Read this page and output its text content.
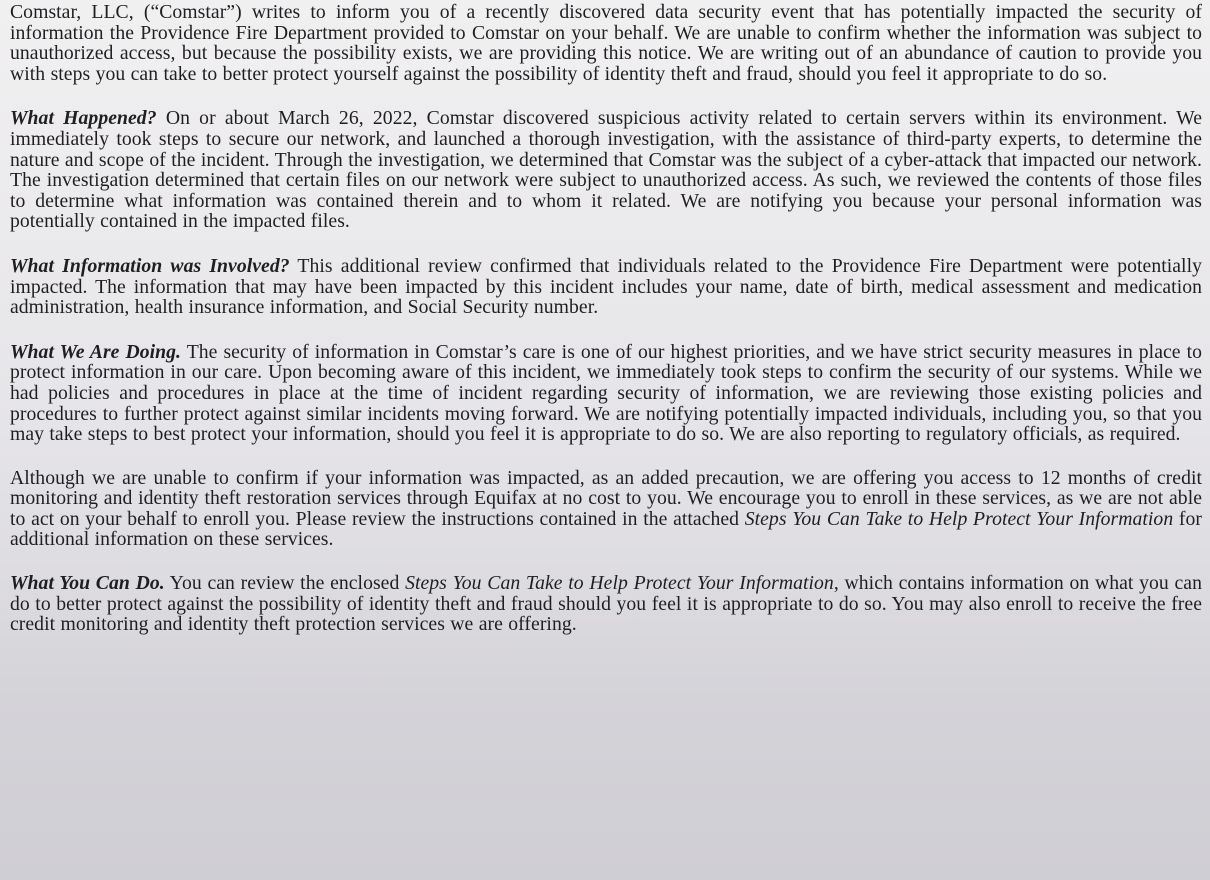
Comstar, LLC, (“Comstar”) writes to inform you of a recently discovered data security event that has potentially impacted the security of information the Providence Fire Department provided to Comstar on your behalf. We are unable to confirm whether the information was subject to unauthorized access, but because the possibility exists, we are providing this notice. We are writing out of an abundance of caution to provide you with steps you can take to better protect yourself against the possibility of identity theft and fraud, should you feel it appropriate to do so.

What Happened? On or about March 26, 2022, Comstar discovered suspicious activity related to certain servers within its environment. We immediately took steps to secure our network, and launched a thorough investigation, with the assistance of third-party experts, to determine the nature and scope of the incident. Through the investigation, we determined that Comstar was the subject of a cyber-attack that impacted our network. The investigation determined that certain files on our network were subject to unauthorized access. As such, we reviewed the contents of those files to determine what information was contained therein and to whom it related. We are notifying you because your personal information was potentially contained in the impacted files.

What Information was Involved? This additional review confirmed that individuals related to the Providence Fire Department were potentially impacted. The information that may have been impacted by this incident includes your name, date of birth, medical assessment and medication administration, health insurance information, and Social Security number.

What We Are Doing. The security of information in Comstar’s care is one of our highest priorities, and we have strict security measures in place to protect information in our care. Upon becoming aware of this incident, we immediately took steps to confirm the security of our systems. While we had policies and procedures in place at the time of incident regarding security of information, we are reviewing those existing policies and procedures to further protect against similar incidents moving forward. We are notifying potentially impacted individuals, including you, so that you may take steps to best protect your information, should you feel it is appropriate to do so. We are also reporting to regulatory officials, as required.

Although we are unable to confirm if your information was impacted, as an added precaution, we are offering you access to 12 months of credit monitoring and identity theft restoration services through Equifax at no cost to you. We encourage you to enroll in these services, as we are not able to act on your behalf to enroll you. Please review the instructions contained in the attached Steps You Can Take to Help Protect Your Information for additional information on these services.

What You Can Do. You can review the enclosed Steps You Can Take to Help Protect Your Information, which contains information on what you can do to better protect against the possibility of identity theft and fraud should you feel it is appropriate to do so. You may also enroll to receive the free credit monitoring and identity theft protection services we are offering.
